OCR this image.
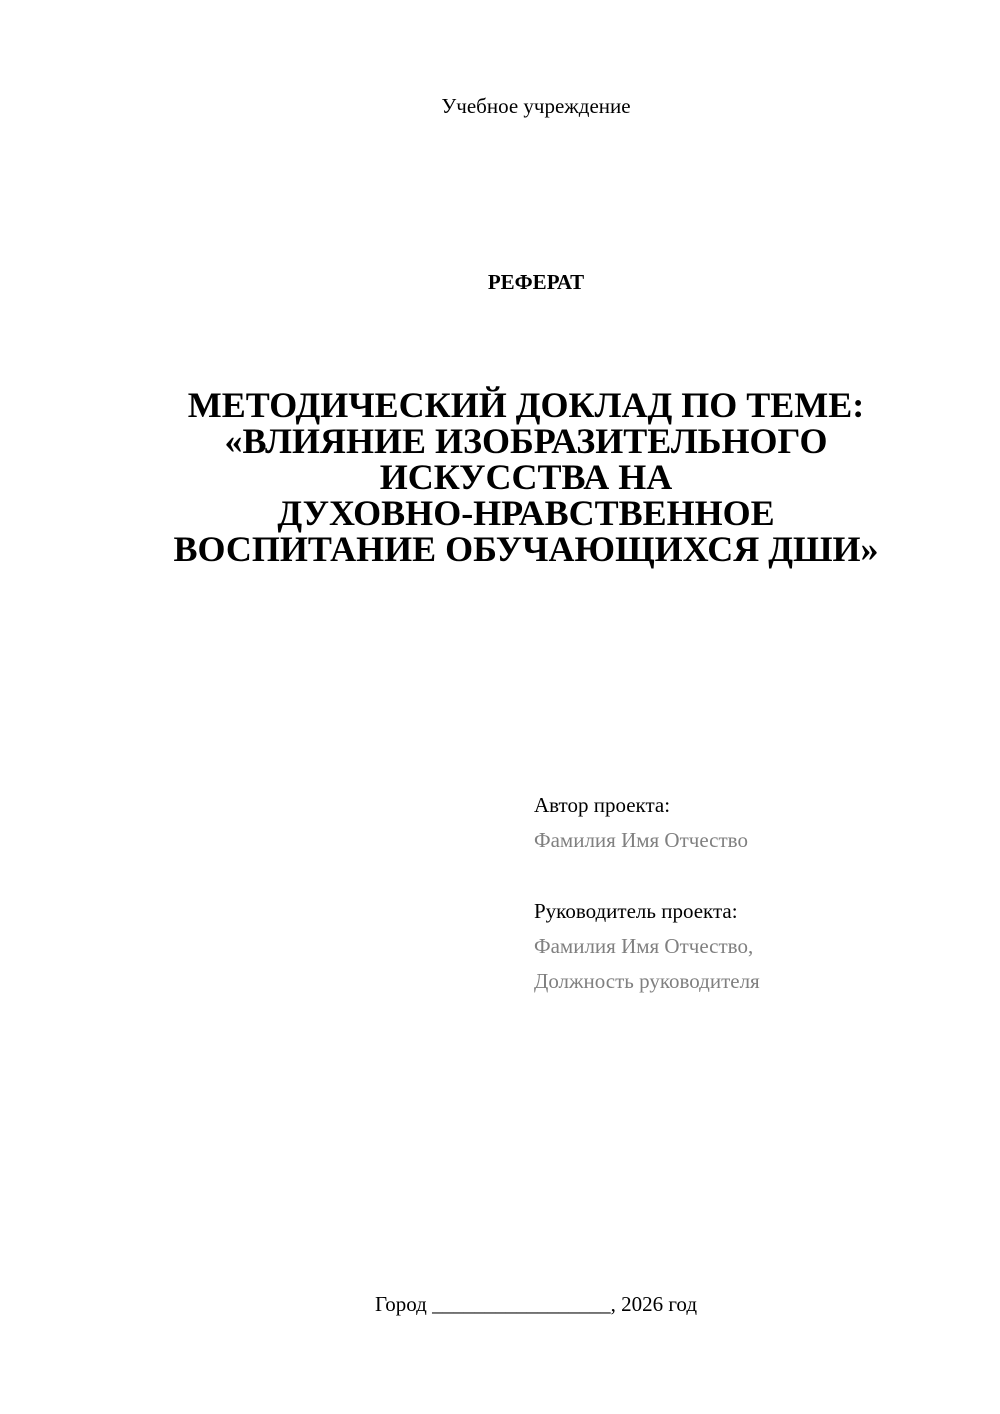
Учебное учреждение
РЕФЕРАТ
МЕТОДИЧЕСКИЙ ДОКЛАД ПО ТЕМЕ:
«ВЛИЯНИЕ ИЗОБРАЗИТЕЛЬНОГО
ИСКУССТВА НА
ДУХОВНО-НРАВСТВЕННОЕ
ВОСПИТАНИЕ ОБУЧАЮЩИХСЯ ДШИ»
Автор проекта:
Фамилия Имя Отчество
Руководитель проекта:
Фамилия Имя Отчество,
Должность руководителя
Город _________________, 2026 год
